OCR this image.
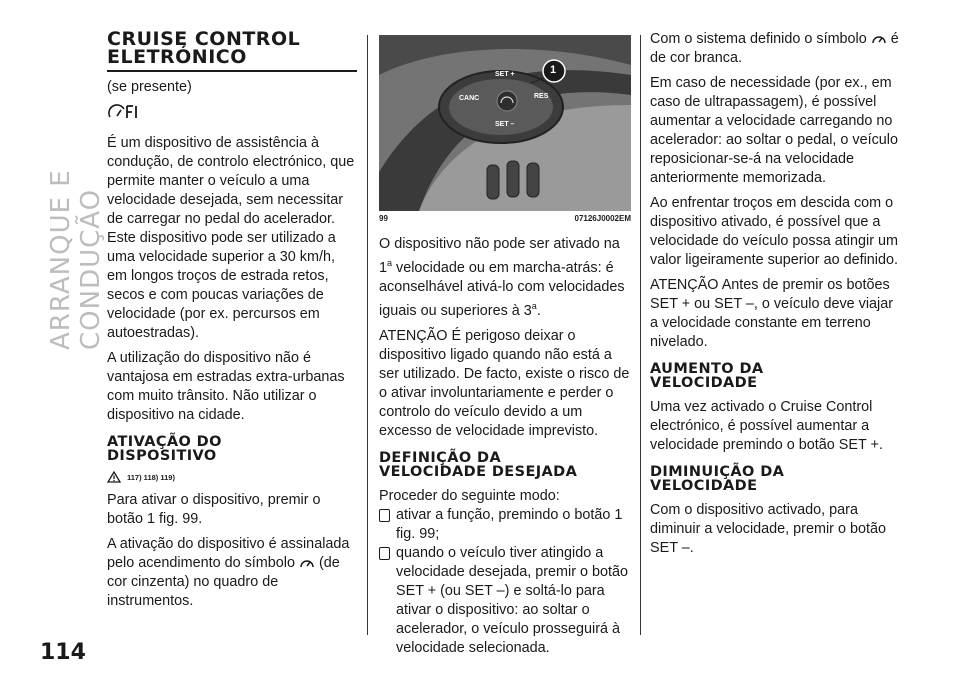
ARRANQUE E CONDUÇÃO
114
CRUISE CONTROL
ELETRÓNICO

(se presente)

É um dispositivo de assistência à condução, de controlo electrónico, que permite manter o veículo a uma velocidade desejada, sem necessitar de carregar no pedal do acelerador. Este dispositivo pode ser utilizado a uma velocidade superior a 30 km/h, em longos troços de estrada retos, secos e com poucas variações de velocidade (por ex. percursos em autoestradas).

A utilização do dispositivo não é vantajosa em estradas extra-urbanas com muito trânsito. Não utilizar o dispositivo na cidade.

ATIVAÇÃO DO
DISPOSITIVO
117) 118) 119)

Para ativar o dispositivo, premir o botão 1 fig. 99.

A ativação do dispositivo é assinalada pelo acendimento do símbolo (de cor cinzenta) no quadro de instrumentos.

SET +
CANC	RES
SET –
1
99	07126J0002EM

O dispositivo não pode ser ativado na 1$^a$ velocidade ou em marcha-atrás: é aconselhável ativá-lo com velocidades iguais ou superiores à 3$^a$.

ATENÇÃO É perigoso deixar o dispositivo ligado quando não está a ser utilizado. De facto, existe o risco de o ativar involuntariamente e perder o controlo do veículo devido a um excesso de velocidade imprevisto.

DEFINIÇÃO DA
VELOCIDADE DESEJADA

Proceder do seguinte modo:

ativar a função, premindo o botão 1 fig. 99;

quando o veículo tiver atingido a velocidade desejada, premir o botão SET + (ou SET –) e soltá-lo para ativar o dispositivo: ao soltar o acelerador, o veículo prosseguirá à velocidade selecionada.

Com o sistema definido o símbolo é de cor branca.

Em caso de necessidade (por ex., em caso de ultrapassagem), é possível aumentar a velocidade carregando no acelerador: ao soltar o pedal, o veículo reposicionar-se-á na velocidade anteriormente memorizada.

Ao enfrentar troços em descida com o dispositivo ativado, é possível que a velocidade do veículo possa atingir um valor ligeiramente superior ao definido.

ATENÇÃO Antes de premir os botões SET + ou SET –, o veículo deve viajar a velocidade constante em terreno nivelado.

AUMENTO DA
VELOCIDADE

Uma vez activado o Cruise Control electrónico, é possível aumentar a velocidade premindo o botão SET +.

DIMINUIÇÃO DA
VELOCIDADE

Com o dispositivo activado, para diminuir a velocidade, premir o botão SET –.
